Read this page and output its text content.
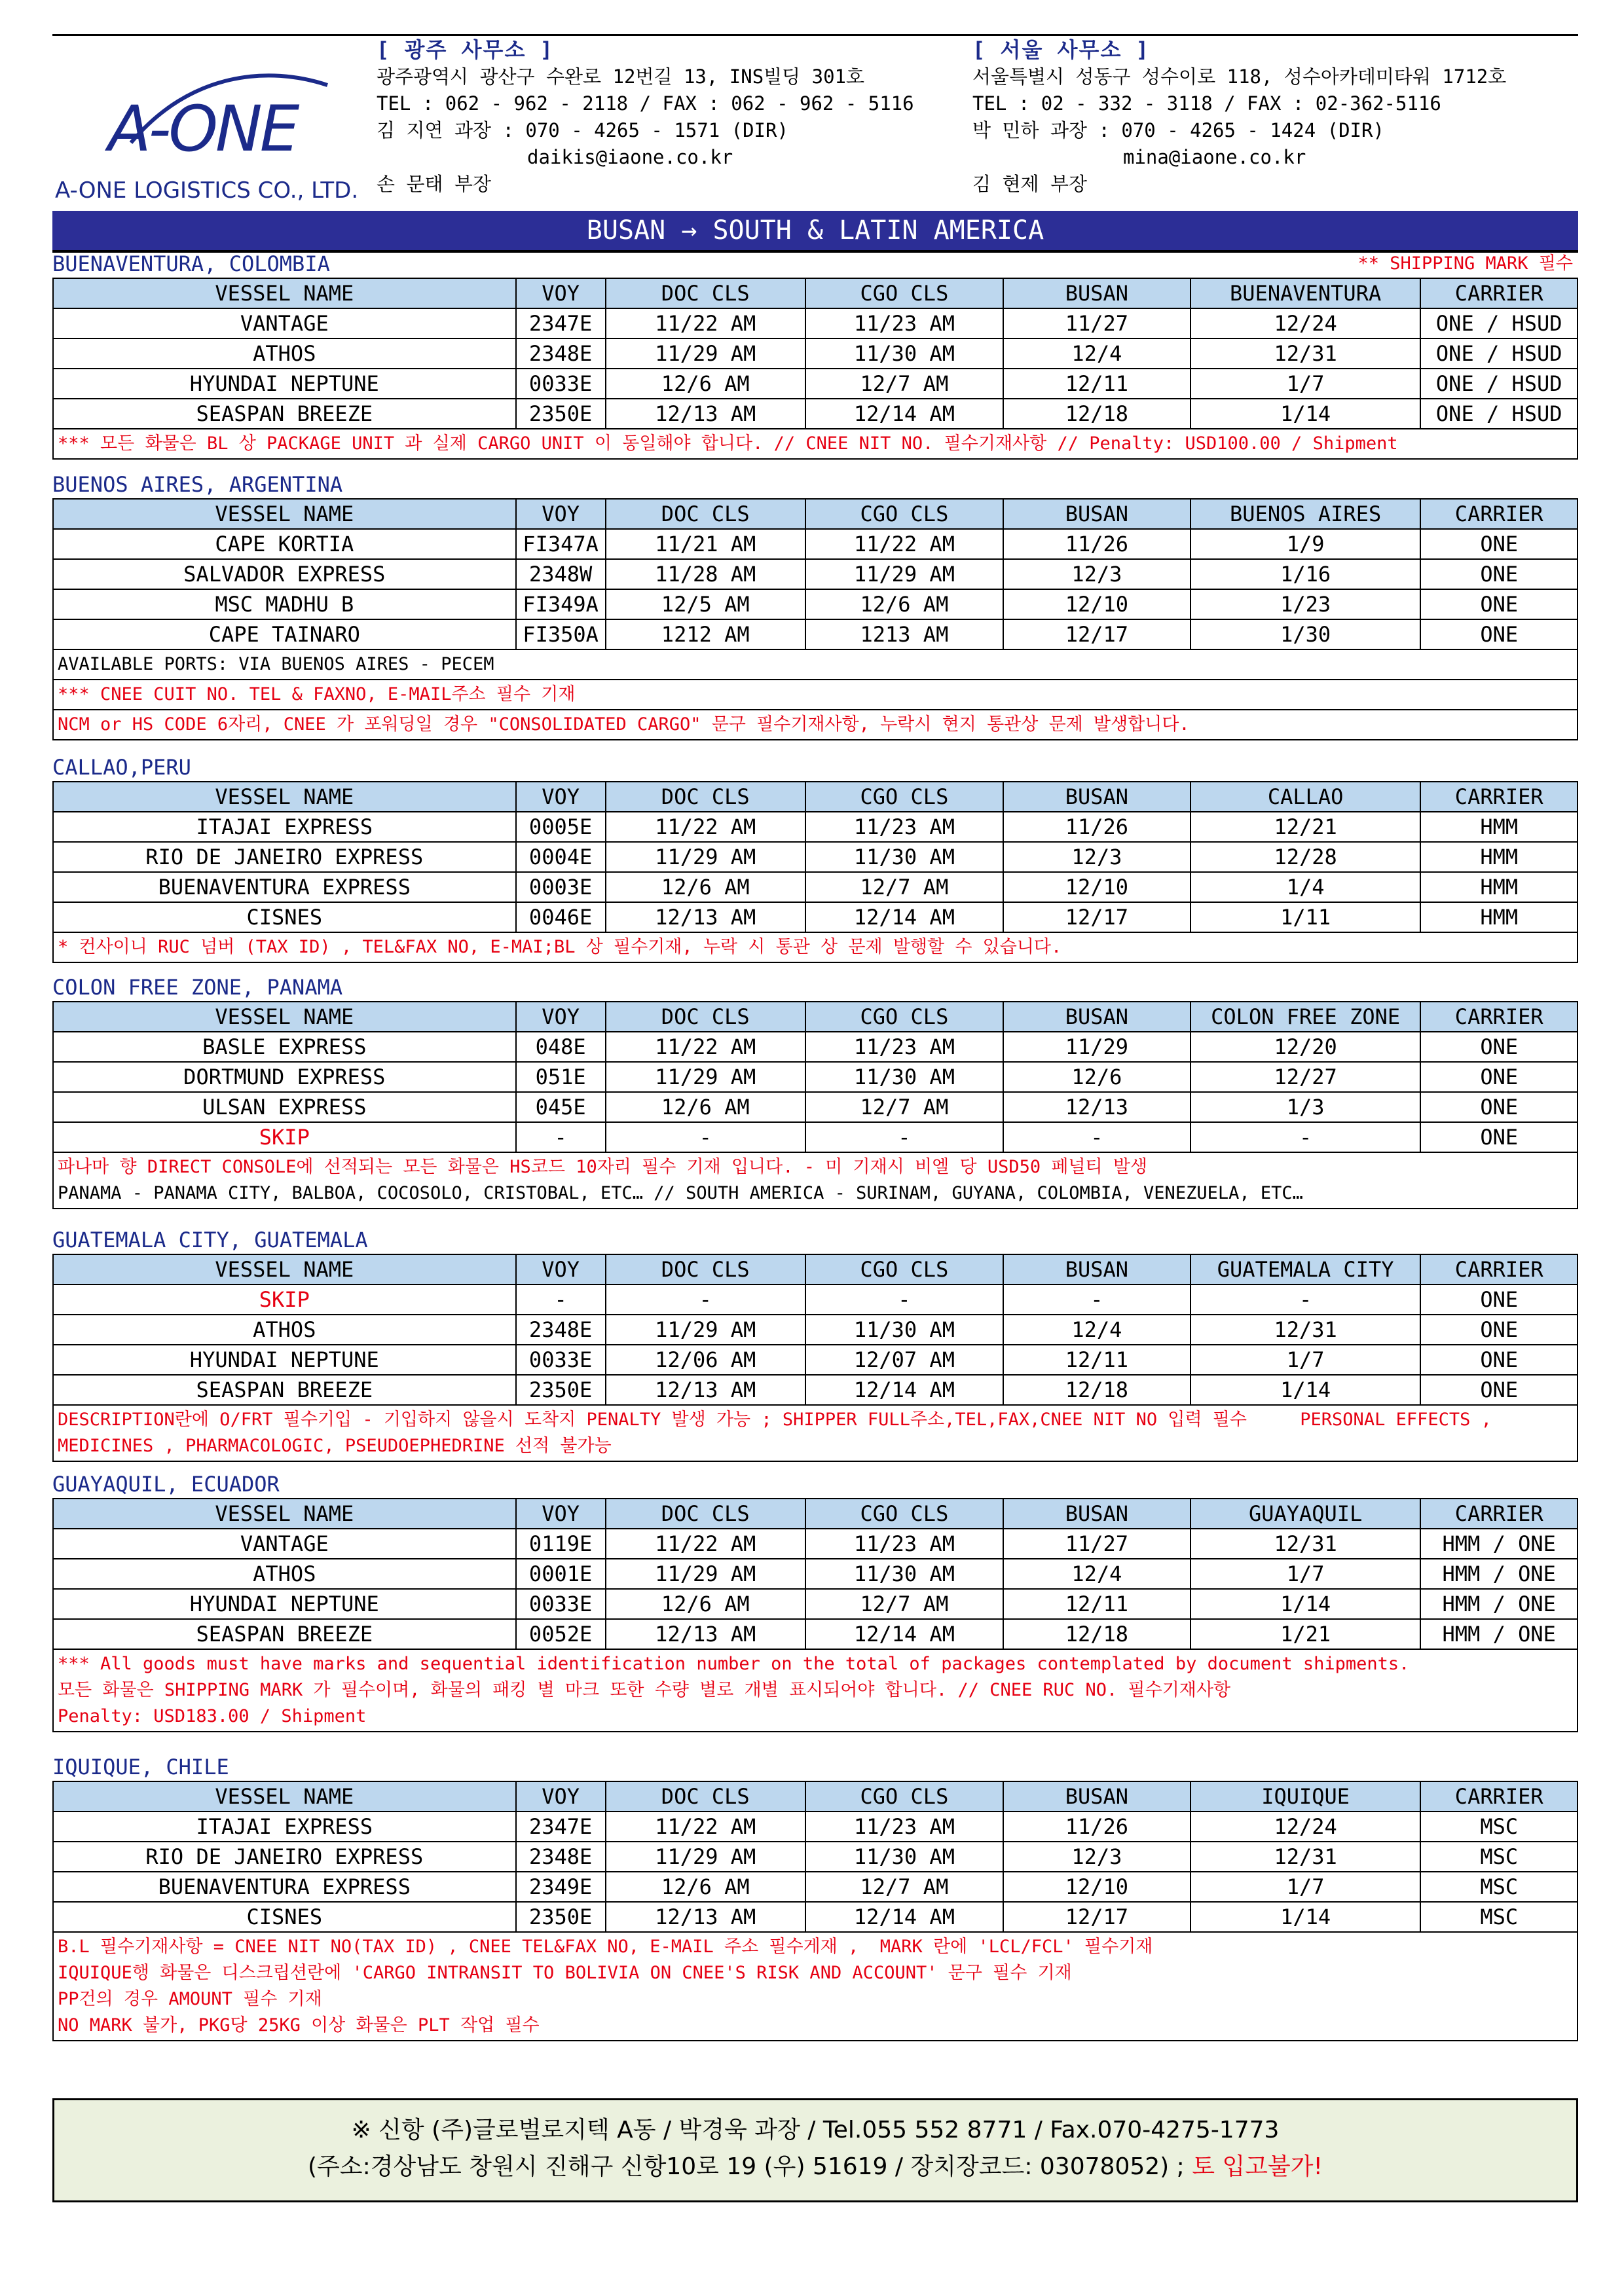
A-ONE
A-ONE LOGISTICS CO., LTD.
[ 광주 사무소 ]
광주광역시 광산구 수완로 12번길 13, INS빌딩 301호
TEL : 062 - 962 - 2118 / FAX : 062 - 962 - 5116
김 지연 과장 : 070 - 4265 - 1571 (DIR)
daikis@iaone.co.kr
손 문태 부장
[ 서울 사무소 ]
서울특별시 성동구 성수이로 118, 성수아카데미타워 1712호
TEL : 02 - 332 - 3118 / FAX : 02-362-5116
박 민하 과장 : 070 - 4265 - 1424 (DIR)
mina@iaone.co.kr
김 현제 부장
BUSAN → SOUTH & LATIN AMERICA
BUENAVENTURA, COLOMBIA	** SHIPPING MARK 필수
VESSEL NAME	VOY	DOC CLS	CGO CLS	BUSAN	BUENAVENTURA	CARRIER
VANTAGE	2347E	11/22 AM	11/23 AM	11/27	12/24	ONE / HSUD
ATHOS	2348E	11/29 AM	11/30 AM	12/4	12/31	ONE / HSUD
HYUNDAI NEPTUNE	0033E	12/6 AM	12/7 AM	12/11	1/7	ONE / HSUD
SEASPAN BREEZE	2350E	12/13 AM	12/14 AM	12/18	1/14	ONE / HSUD
*** 모든 화물은 BL 상 PACKAGE UNIT 과 실제 CARGO UNIT 이 동일해야 합니다. // CNEE NIT NO. 필수기재사항 // Penalty: USD100.00 / Shipment
BUENOS AIRES, ARGENTINA
VESSEL NAME	VOY	DOC CLS	CGO CLS	BUSAN	BUENOS AIRES	CARRIER
CAPE KORTIA	FI347A	11/21 AM	11/22 AM	11/26	1/9	ONE
SALVADOR EXPRESS	2348W	11/28 AM	11/29 AM	12/3	1/16	ONE
MSC MADHU B	FI349A	12/5 AM	12/6 AM	12/10	1/23	ONE
CAPE TAINARO	FI350A	1212 AM	1213 AM	12/17	1/30	ONE
AVAILABLE PORTS: VIA BUENOS AIRES - PECEM
*** CNEE CUIT NO. TEL & FAXNO, E-MAIL주소 필수 기재
NCM or HS CODE 6자리, CNEE 가 포워딩일 경우 "CONSOLIDATED CARGO" 문구 필수기재사항, 누락시 현지 통관상 문제 발생합니다.
CALLAO,PERU
VESSEL NAME	VOY	DOC CLS	CGO CLS	BUSAN	CALLAO	CARRIER
ITAJAI EXPRESS	0005E	11/22 AM	11/23 AM	11/26	12/21	HMM
RIO DE JANEIRO EXPRESS	0004E	11/29 AM	11/30 AM	12/3	12/28	HMM
BUENAVENTURA EXPRESS	0003E	12/6 AM	12/7 AM	12/10	1/4	HMM
CISNES	0046E	12/13 AM	12/14 AM	12/17	1/11	HMM
* 컨사이니 RUC 넘버 (TAX ID) , TEL&FAX NO, E-MAI;BL 상 필수기재, 누락 시 통관 상 문제 발행할 수 있습니다.
COLON FREE ZONE, PANAMA
VESSEL NAME	VOY	DOC CLS	CGO CLS	BUSAN	COLON FREE ZONE	CARRIER
BASLE EXPRESS	048E	11/22 AM	11/23 AM	11/29	12/20	ONE
DORTMUND EXPRESS	051E	11/29 AM	11/30 AM	12/6	12/27	ONE
ULSAN EXPRESS	045E	12/6 AM	12/7 AM	12/13	1/3	ONE
SKIP	-	-	-	-	-	ONE
파나마 향 DIRECT CONSOLE에 선적되는 모든 화물은 HS코드 10자리 필수 기재 입니다. - 미 기재시 비엘 당 USD50 페널티 발생
PANAMA - PANAMA CITY, BALBOA, COCOSOLO, CRISTOBAL, ETC… // SOUTH AMERICA - SURINAM, GUYANA, COLOMBIA, VENEZUELA, ETC…
GUATEMALA CITY, GUATEMALA
VESSEL NAME	VOY	DOC CLS	CGO CLS	BUSAN	GUATEMALA CITY	CARRIER
SKIP	-	-	-	-	-	ONE
ATHOS	2348E	11/29 AM	11/30 AM	12/4	12/31	ONE
HYUNDAI NEPTUNE	0033E	12/06 AM	12/07 AM	12/11	1/7	ONE
SEASPAN BREEZE	2350E	12/13 AM	12/14 AM	12/18	1/14	ONE
DESCRIPTION란에 O/FRT 필수기입 - 기입하지 않을시 도착지 PENALTY 발생 가능 ; SHIPPER FULL주소,TEL,FAX,CNEE NIT NO 입력 필수     PERSONAL EFFECTS , MEDICINES , PHARMACOLOGIC, PSEUDOEPHEDRINE 선적 불가능
GUAYAQUIL, ECUADOR
VESSEL NAME	VOY	DOC CLS	CGO CLS	BUSAN	GUAYAQUIL	CARRIER
VANTAGE	0119E	11/22 AM	11/23 AM	11/27	12/31	HMM / ONE
ATHOS	0001E	11/29 AM	11/30 AM	12/4	1/7	HMM / ONE
HYUNDAI NEPTUNE	0033E	12/6 AM	12/7 AM	12/11	1/14	HMM / ONE
SEASPAN BREEZE	0052E	12/13 AM	12/14 AM	12/18	1/21	HMM / ONE
*** All goods must have marks and sequential identification number on the total of packages contemplated by document shipments.
모든 화물은 SHIPPING MARK 가 필수이며, 화물의 패킹 별 마크 또한 수량 별로 개별 표시되어야 합니다. // CNEE RUC NO. 필수기재사항
Penalty: USD183.00 / Shipment
IQUIQUE, CHILE
VESSEL NAME	VOY	DOC CLS	CGO CLS	BUSAN	IQUIQUE	CARRIER
ITAJAI EXPRESS	2347E	11/22 AM	11/23 AM	11/26	12/24	MSC
RIO DE JANEIRO EXPRESS	2348E	11/29 AM	11/30 AM	12/3	12/31	MSC
BUENAVENTURA EXPRESS	2349E	12/6 AM	12/7 AM	12/10	1/7	MSC
CISNES	2350E	12/13 AM	12/14 AM	12/17	1/14	MSC
B.L 필수기재사항 = CNEE NIT NO(TAX ID) , CNEE TEL&FAX NO, E-MAIL 주소 필수게재 ,  MARK 란에 'LCL/FCL' 필수기재
IQUIQUE행 화물은 디스크립션란에 'CARGO INTRANSIT TO BOLIVIA ON CNEE'S RISK AND ACCOUNT' 문구 필수 기재
PP건의 경우 AMOUNT 필수 기재
NO MARK 불가, PKG당 25KG 이상 화물은 PLT 작업 필수
※ 신항 (주)글로벌로지텍 A동 / 박경욱 과장 / Tel.055 552 8771 / Fax.070-4275-1773
(주소:경상남도 창원시 진해구 신항10로 19 (우) 51619 / 장치장코드: 03078052) ; 토 입고불가!
